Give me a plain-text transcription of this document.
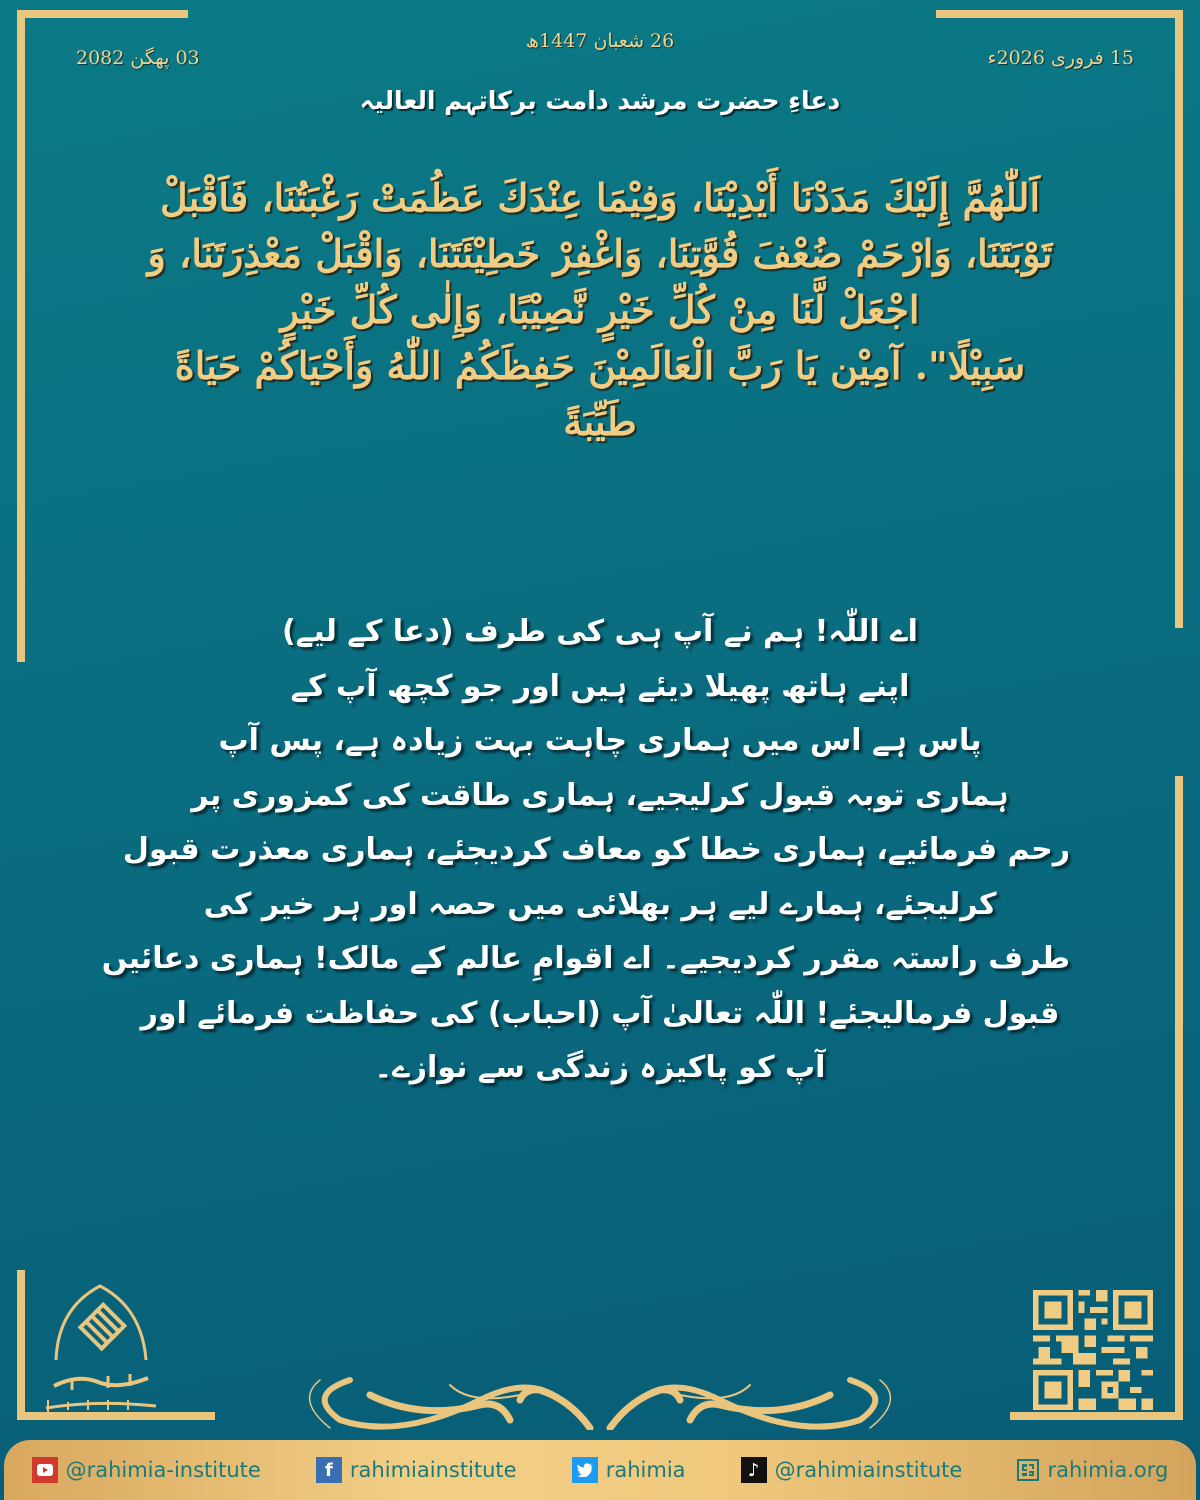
26 شعبان 1447ھ
15 فروری 2026ء
03 پھگن 2082
دعاءِ حضرت مرشد دامت برکاتہم العالیہ
اَللّٰهُمَّ إِلَيْكَ مَدَدْنَا أَيْدِيْنَا، وَفِيْمَا عِنْدَكَ عَظُمَتْ رَغْبَتُنَا، فَاَقْبَلْ
تَوْبَتَنَا، وَارْحَمْ ضُعْفَ قُوَّتِنَا، وَاغْفِرْ خَطِيْئَتَنَا، وَاقْبَلْ مَعْذِرَتَنَا، وَ
اجْعَلْ لَّنَا مِنْ كُلِّ خَيْرٍ نَّصِيْبًا، وَإِلٰى كُلِّ خَيْرٍ
سَبِيْلًا". آمِيْن يَا رَبَّ الْعَالَمِيْنَ حَفِظَكُمُ اللّٰهُ وَأَحْيَاكُمْ حَيَاةً
طَيِّبَةً
اے اللّٰہ! ہم نے آپ ہی کی طرف (دعا کے لیے)
اپنے ہاتھ پھیلا دیئے ہیں اور جو کچھ آپ کے
پاس ہے اس میں ہماری چاہت بہت زیادہ ہے، پس آپ
ہماری توبہ قبول کرلیجیے، ہماری طاقت کی کمزوری پر
رحم فرمائیے، ہماری خطا کو معاف کردیجئے، ہماری معذرت قبول
کرلیجئے، ہمارے لیے ہر بھلائی میں حصہ اور ہر خیر کی
طرف راستہ مقرر کردیجیے۔ اے اقوامِ عالم کے مالک! ہماری دعائیں
قبول فرمالیجئے! اللّٰہ تعالیٰ آپ (احباب) کی حفاظت فرمائے اور
آپ کو پاکیزہ زندگی سے نوازے۔
@rahimia-institute	f rahimiainstitute	rahimia	♪ @rahimiainstitute	rahimia.org
